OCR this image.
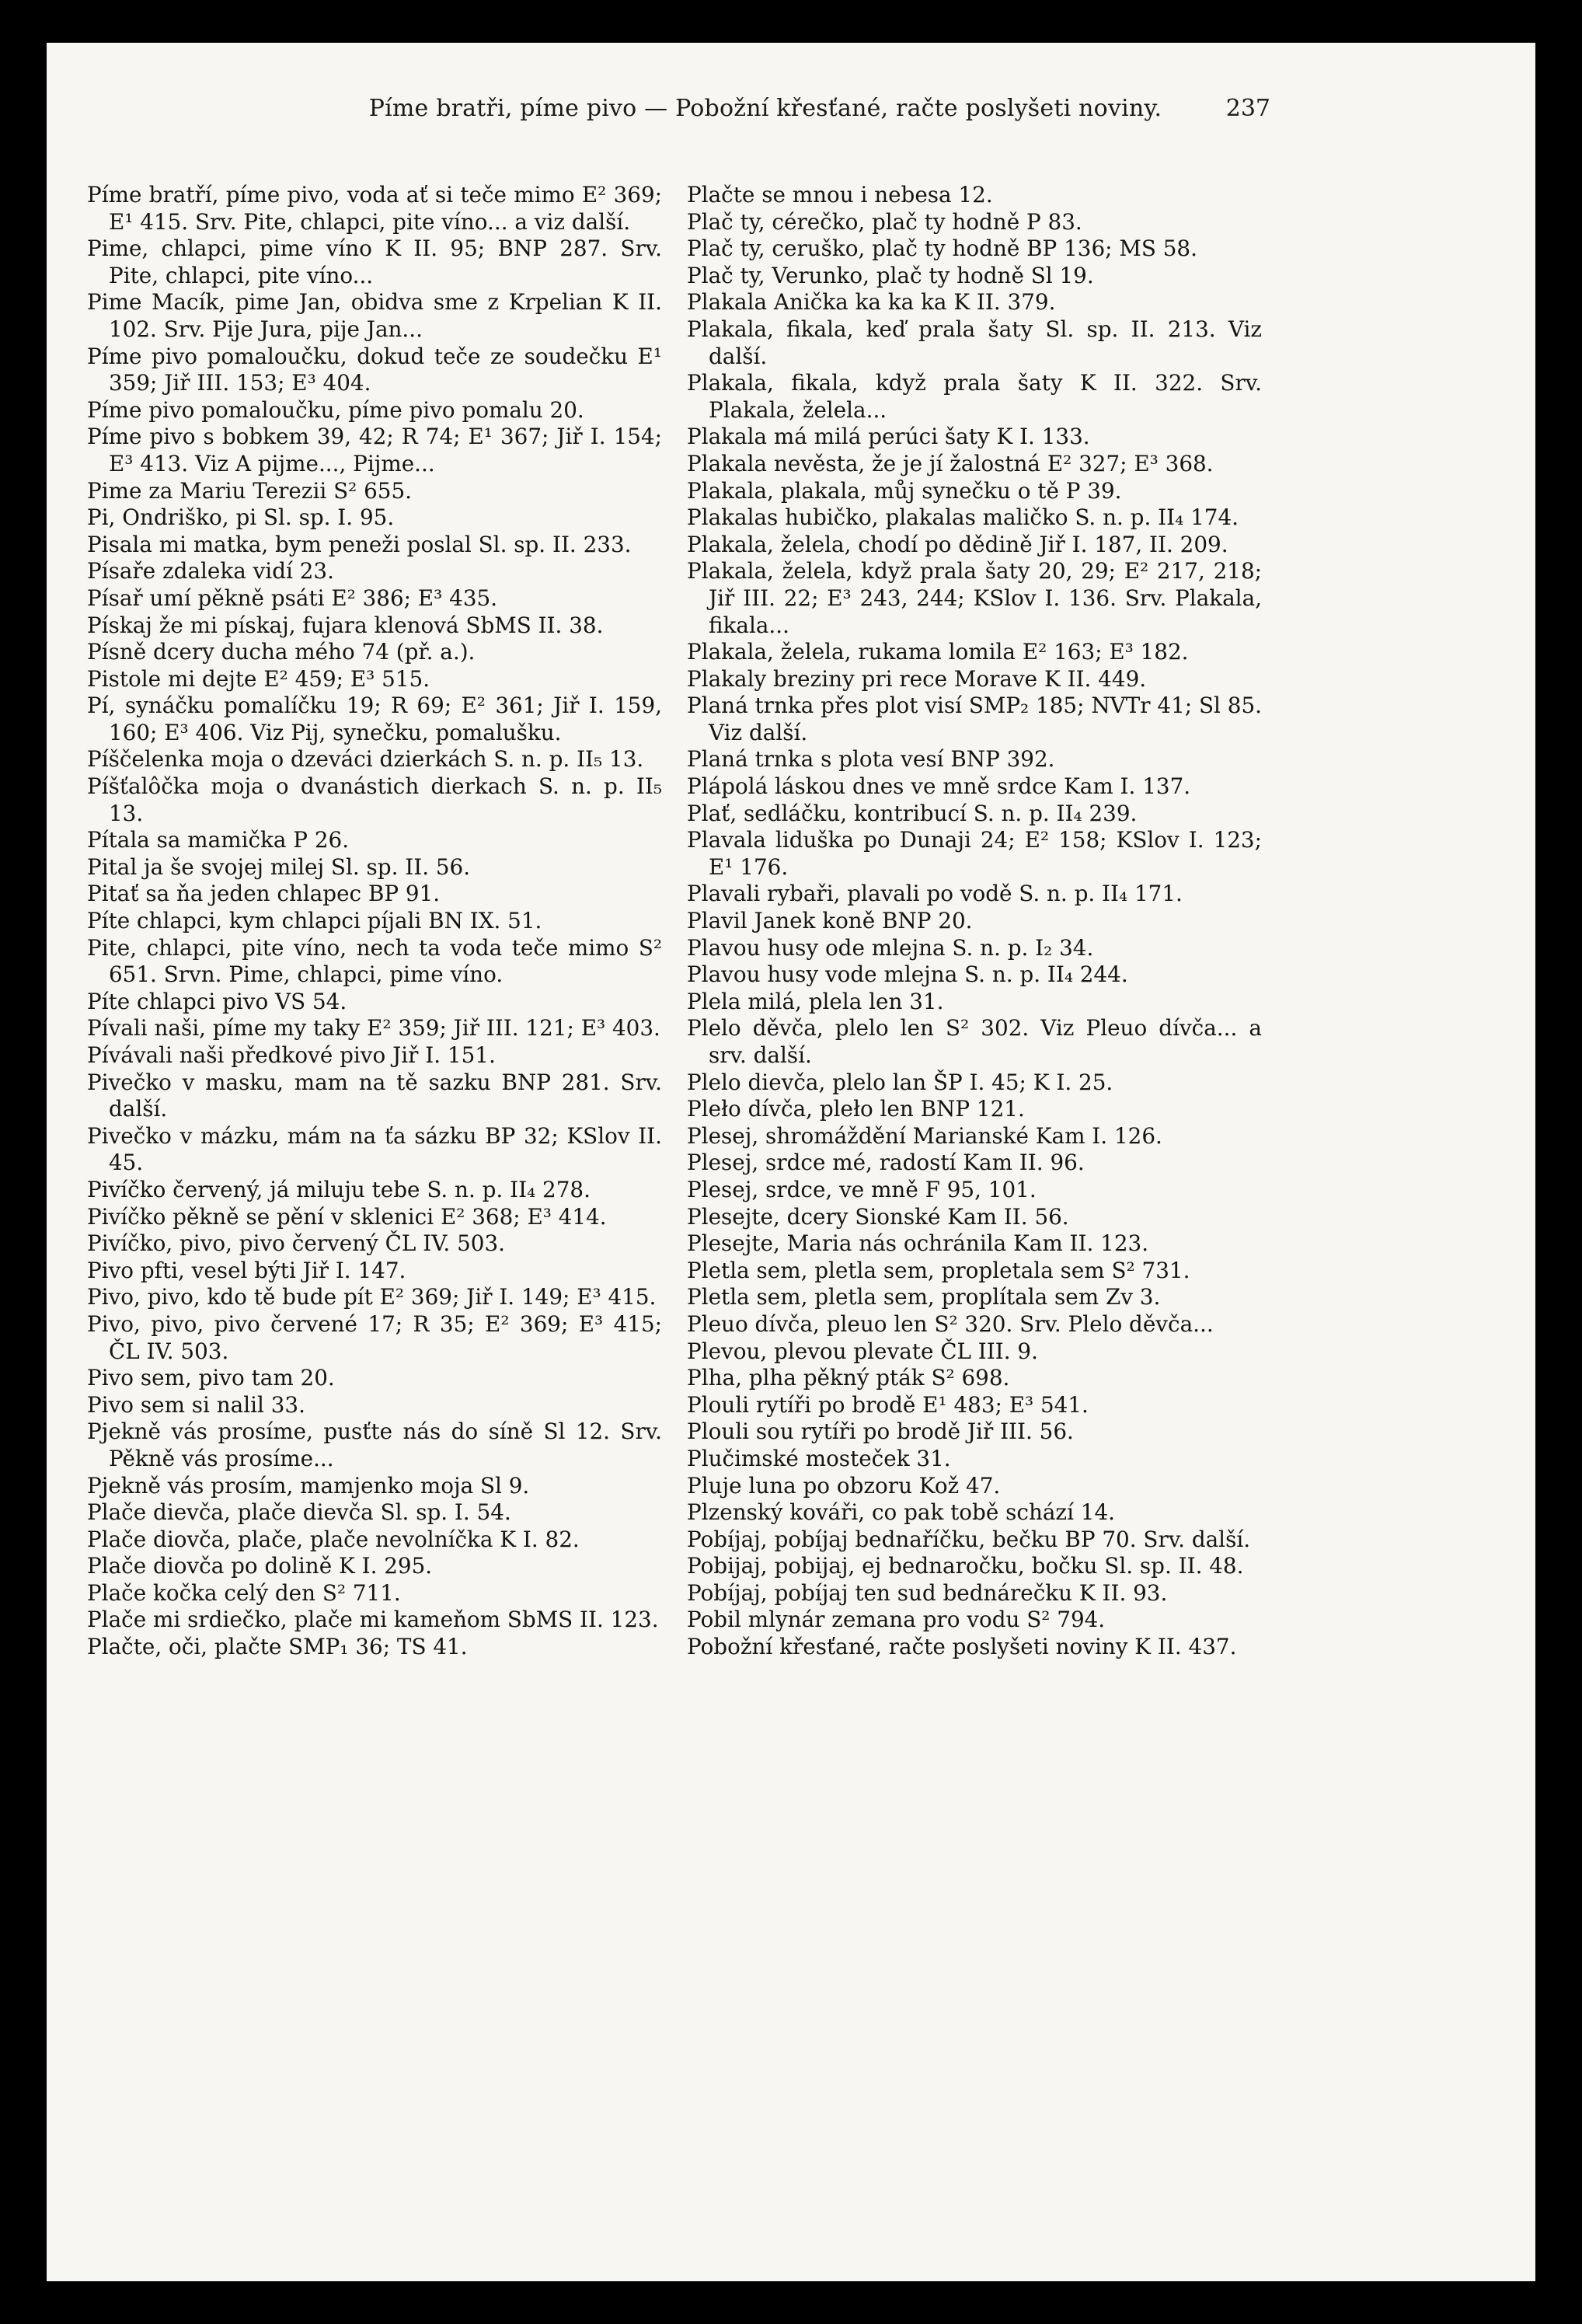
Píme bratři, píme pivo — Pobožní křesťané, račte poslyšeti noviny.	237

Píme bratří, píme pivo, voda ať si teče mimo E² 369; E¹ 415. Srv. Pite, chlapci, pite víno... a viz další.

Pime, chlapci, pime víno K II. 95; BNP 287. Srv. Pite, chlapci, pite víno...

Pime Macík, pime Jan, obidva sme z Krpelian K II. 102. Srv. Pije Jura, pije Jan...

Píme pivo pomaloučku, dokud teče ze soudečku E¹ 359; Jiř III. 153; E³ 404.

Píme pivo pomaloučku, píme pivo pomalu 20.

Píme pivo s bobkem 39, 42; R 74; E¹ 367; Jiř I. 154; E³ 413. Viz A pijme..., Pijme...

Pime za Mariu Terezii S² 655.

Pi, Ondriško, pi Sl. sp. I. 95.

Pisala mi matka, bym peneži poslal Sl. sp. II. 233.

Písaře zdaleka vidí 23.

Písař umí pěkně psáti E² 386; E³ 435.

Pískaj že mi pískaj, fujara klenová SbMS II. 38.

Písně dcery ducha mého 74 (př. a.).

Pistole mi dejte E² 459; E³ 515.

Pí, synáčku pomalíčku 19; R 69; E² 361; Jiř I. 159, 160; E³ 406. Viz Pij, synečku, pomalušku.

Píščelenka moja o dzeváci dzierkách S. n. p. II₅ 13.

Píšťalôčka moja o dvanástich dierkach S. n. p. II₅ 13.

Pítala sa mamička P 26.

Pital ja še svojej milej Sl. sp. II. 56.

Pitať sa ňa jeden chlapec BP 91.

Píte chlapci, kym chlapci píjali BN IX. 51.

Pite, chlapci, pite víno, nech ta voda teče mimo S² 651. Srvn. Pime, chlapci, pime víno.

Píte chlapci pivo VS 54.

Pívali naši, píme my taky E² 359; Jiř III. 121; E³ 403.

Pívávali naši předkové pivo Jiř I. 151.

Pivečko v masku, mam na tě sazku BNP 281. Srv. další.

Pivečko v mázku, mám na ťa sázku BP 32; KSlov II. 45.

Pivíčko červený, já miluju tebe S. n. p. II₄ 278.

Pivíčko pěkně se pění v sklenici E² 368; E³ 414.

Pivíčko, pivo, pivo červený ČL IV. 503.

Pivo pfti, vesel býti Jiř I. 147.

Pivo, pivo, kdo tě bude pít E² 369; Jiř I. 149; E³ 415.

Pivo, pivo, pivo červené 17; R 35; E² 369; E³ 415; ČL IV. 503.

Pivo sem, pivo tam 20.

Pivo sem si nalil 33.

Pjekně vás prosíme, pusťte nás do síně Sl 12. Srv. Pěkně vás prosíme...

Pjekně vás prosím, mamjenko moja Sl 9.

Plače dievča, plače dievča Sl. sp. I. 54.

Plače diovča, plače, plače nevolníčka K I. 82.

Plače diovča po dolině K I. 295.

Plače kočka celý den S² 711.

Plače mi srdiečko, plače mi kameňom SbMS II. 123.

Plačte, oči, plačte SMP₁ 36; TS 41.

Plačte se mnou i nebesa 12.

Plač ty, cérečko, plač ty hodně P 83.

Plač ty, ceruško, plač ty hodně BP 136; MS 58.

Plač ty, Verunko, plač ty hodně Sl 19.

Plakala Anička ka ka ka K II. 379.

Plakala, fikala, keď prala šaty Sl. sp. II. 213. Viz další.

Plakala, fikala, když prala šaty K II. 322. Srv. Plakala, želela...

Plakala má milá perúci šaty K I. 133.

Plakala nevěsta, že je jí žalostná E² 327; E³ 368.

Plakala, plakala, můj synečku o tě P 39.

Plakalas hubičko, plakalas maličko S. n. p. II₄ 174.

Plakala, želela, chodí po dědině Jiř I. 187, II. 209.

Plakala, želela, když prala šaty 20, 29; E² 217, 218; Jiř III. 22; E³ 243, 244; KSlov I. 136. Srv. Plakala, fikala...

Plakala, želela, rukama lomila E² 163; E³ 182.

Plakaly breziny pri rece Morave K II. 449.

Planá trnka přes plot visí SMP₂ 185; NVTr 41; Sl 85. Viz další.

Planá trnka s plota vesí BNP 392.

Plápolá láskou dnes ve mně srdce Kam I. 137.

Plať, sedláčku, kontribucí S. n. p. II₄ 239.

Plavala liduška po Dunaji 24; E² 158; KSlov I. 123; E¹ 176.

Plavali rybaři, plavali po vodě S. n. p. II₄ 171.

Plavil Janek koně BNP 20.

Plavou husy ode mlejna S. n. p. I₂ 34.

Plavou husy vode mlejna S. n. p. II₄ 244.

Plela milá, plela len 31.

Plelo děvča, plelo len S² 302. Viz Pleuo dívča... a srv. další.

Plelo dievča, plelo lan ŠP I. 45; K I. 25.

Pleło dívča, pleło len BNP 121.

Plesej, shromáždění Marianské Kam I. 126.

Plesej, srdce mé, radostí Kam II. 96.

Plesej, srdce, ve mně F 95, 101.

Plesejte, dcery Sionské Kam II. 56.

Plesejte, Maria nás ochránila Kam II. 123.

Pletla sem, pletla sem, propletala sem S² 731.

Pletla sem, pletla sem, proplítala sem Zv 3.

Pleuo dívča, pleuo len S² 320. Srv. Plelo děvča...

Plevou, plevou plevate ČL III. 9.

Plha, plha pěkný pták S² 698.

Plouli rytíři po brodě E¹ 483; E³ 541.

Plouli sou rytíři po brodě Jiř III. 56.

Plučimské mosteček 31.

Pluje luna po obzoru Kož 47.

Plzenský kováři, co pak tobě schází 14.

Pobíjaj, pobíjaj bednaříčku, bečku BP 70. Srv. další.

Pobijaj, pobijaj, ej bednaročku, bočku Sl. sp. II. 48.

Pobíjaj, pobíjaj ten sud bednárečku K II. 93.

Pobil mlynár zemana pro vodu S² 794.

Pobožní křesťané, račte poslyšeti noviny K II. 437.
